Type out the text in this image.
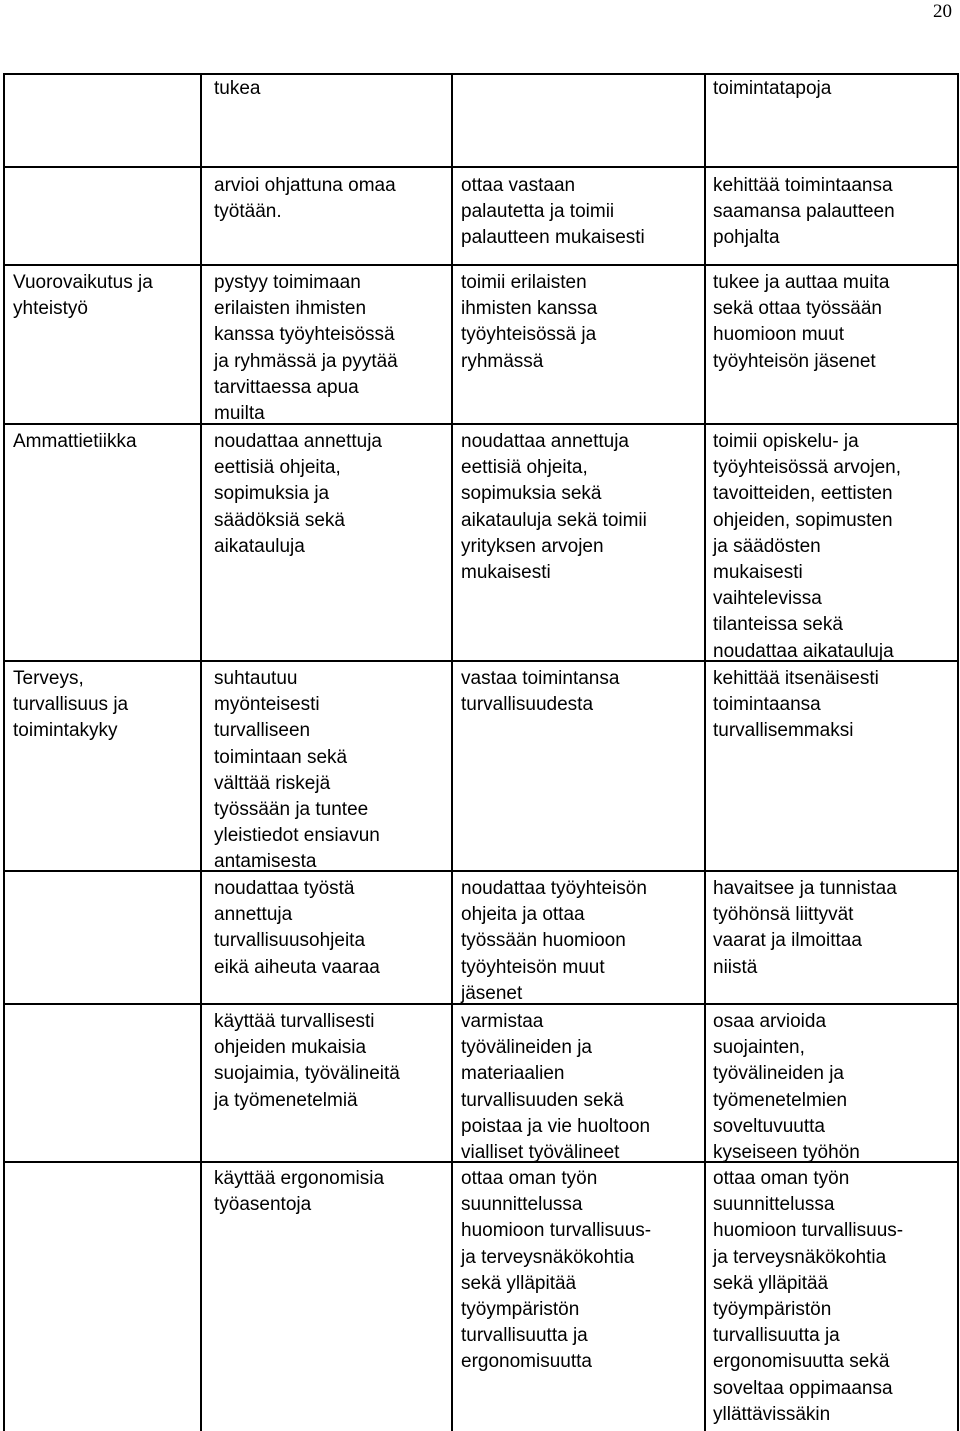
20
tukea	toimintatapoja
arvioi ohjattuna omaa
työtään.
ottaa vastaan
palautetta ja toimii
palautteen mukaisesti
kehittää toimintaansa
saamansa palautteen
pohjalta
Vuorovaikutus ja
yhteistyö
pystyy toimimaan
erilaisten ihmisten
kanssa työyhteisössä
ja ryhmässä ja pyytää
tarvittaessa apua
muilta
toimii erilaisten
ihmisten kanssa
työyhteisössä ja
ryhmässä
tukee ja auttaa muita
sekä ottaa työssään
huomioon muut
työyhteisön jäsenet
Ammattietiikka	noudattaa annettuja
eettisiä ohjeita,
sopimuksia ja
säädöksiä sekä
aikatauluja
noudattaa annettuja
eettisiä ohjeita,
sopimuksia sekä
aikatauluja sekä toimii
yrityksen arvojen
mukaisesti
toimii opiskelu- ja
työyhteisössä arvojen,
tavoitteiden, eettisten
ohjeiden, sopimusten
ja säädösten
mukaisesti
vaihtelevissa
tilanteissa sekä
noudattaa aikatauluja
Terveys,
turvallisuus ja
toimintakyky
suhtautuu
myönteisesti
turvalliseen
toimintaan sekä
välttää riskejä
työssään ja tuntee
yleistiedot ensiavun
antamisesta
vastaa toimintansa
turvallisuudesta
kehittää itsenäisesti
toimintaansa
turvallisemmaksi
noudattaa työstä
annettuja
turvallisuusohjeita
eikä aiheuta vaaraa
noudattaa työyhteisön
ohjeita ja ottaa
työssään huomioon
työyhteisön muut
jäsenet
havaitsee ja tunnistaa
työhönsä liittyvät
vaarat ja ilmoittaa
niistä
käyttää turvallisesti
ohjeiden mukaisia
suojaimia, työvälineitä
ja työmenetelmiä
varmistaa
työvälineiden ja
materiaalien
turvallisuuden sekä
poistaa ja vie huoltoon
vialliset työvälineet
osaa arvioida
suojainten,
työvälineiden ja
työmenetelmien
soveltuvuutta
kyseiseen työhön
käyttää ergonomisia
työasentoja
ottaa oman työn
suunnittelussa
huomioon turvallisuus-
ja terveysnäkökohtia
sekä ylläpitää
työympäristön
turvallisuutta ja
ergonomisuutta
ottaa oman työn
suunnittelussa
huomioon turvallisuus-
ja terveysnäkökohtia
sekä ylläpitää
työympäristön
turvallisuutta ja
ergonomisuutta sekä
soveltaa oppimaansa
yllättävissäkin
